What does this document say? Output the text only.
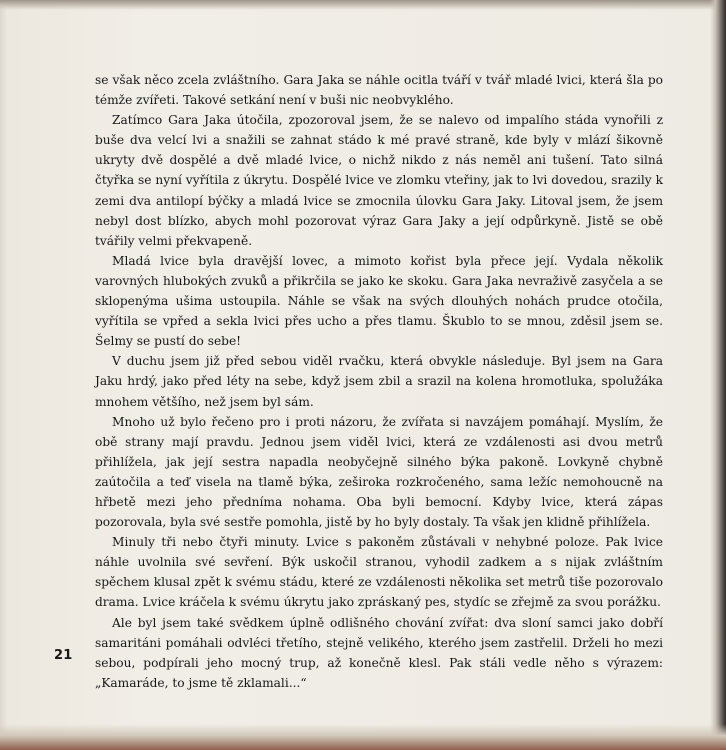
se však něco zcela zvláštního. Gara Jaka se náhle ocitla tváří v tvář mladé lvici, která šla po témže zvířeti. Takové setkání není v buši nic neobvyklého.

Zatímco Gara Jaka útočila, zpozoroval jsem, že se nalevo od impalího stáda vynořili z buše dva velcí lvi a snažili se zahnat stádo k mé pravé straně, kde byly v mlází šikovně ukryty dvě dospělé a dvě mladé lvice, o nichž nikdo z nás neměl ani tušení. Tato silná čtyřka se nyní vyřítila z úkrytu. Dospělé lvice ve zlomku vteřiny, jak to lvi dovedou, srazily k zemi dva antilopí býčky a mladá lvice se zmocnila úlovku Gara Jaky. Litoval jsem, že jsem nebyl dost blízko, abych mohl pozorovat výraz Gara Jaky a její odpůrkyně. Jistě se obě tvářily velmi překvapeně.

Mladá lvice byla dravější lovec, a mimoto kořist byla přece její. Vydala několik varovných hlubokých zvuků a přikrčila se jako ke skoku. Gara Jaka nevraživě zasyčela a se sklopenýma ušima ustoupila. Náhle se však na svých dlouhých nohách prudce otočila, vyřítila se vpřed a sekla lvici přes ucho a přes tlamu. Škublo to se mnou, zděsil jsem se. Šelmy se pustí do sebe!

V duchu jsem již před sebou viděl rvačku, která obvykle následuje. Byl jsem na Gara Jaku hrdý, jako před léty na sebe, když jsem zbil a srazil na kolena hromotluka, spolužáka mnohem většího, než jsem byl sám.

Mnoho už bylo řečeno pro i proti názoru, že zvířata si navzájem pomáhají. Myslím, že obě strany mají pravdu. Jednou jsem viděl lvici, která ze vzdálenosti asi dvou metrů přihlížela, jak její sestra napadla neobyčejně silného býka pakoně. Lovkyně chybně zaútočila a teď visela na tlamě býka, zeširoka rozkročeného, sama ležíc nemohoucně na hřbetě mezi jeho předníma nohama. Oba byli bemocní. Kdyby lvice, která zápas pozorovala, byla své sestře pomohla, jistě by ho byly dostaly. Ta však jen klidně přihlížela.

Minuly tři nebo čtyři minuty. Lvice s pakoněm zůstávali v nehybné poloze. Pak lvice náhle uvolnila své sevření. Býk uskočil stranou, vyhodil zadkem a s nijak zvláštním spěchem klusal zpět k svému stádu, které ze vzdálenosti několika set metrů tiše pozorovalo drama. Lvice kráčela k svému úkrytu jako zpráskaný pes, stydíc se zřejmě za svou porážku.

Ale byl jsem také svědkem úplně odlišného chování zvířat: dva sloní samci jako dobří samaritáni pomáhali odvléci třetího, stejně velikého, kterého jsem zastřelil. Drželi ho mezi sebou, podpírali jeho mocný trup, až konečně klesl. Pak stáli vedle něho s výrazem: „Kamaráde, to jsme tě zklamali...“

21
